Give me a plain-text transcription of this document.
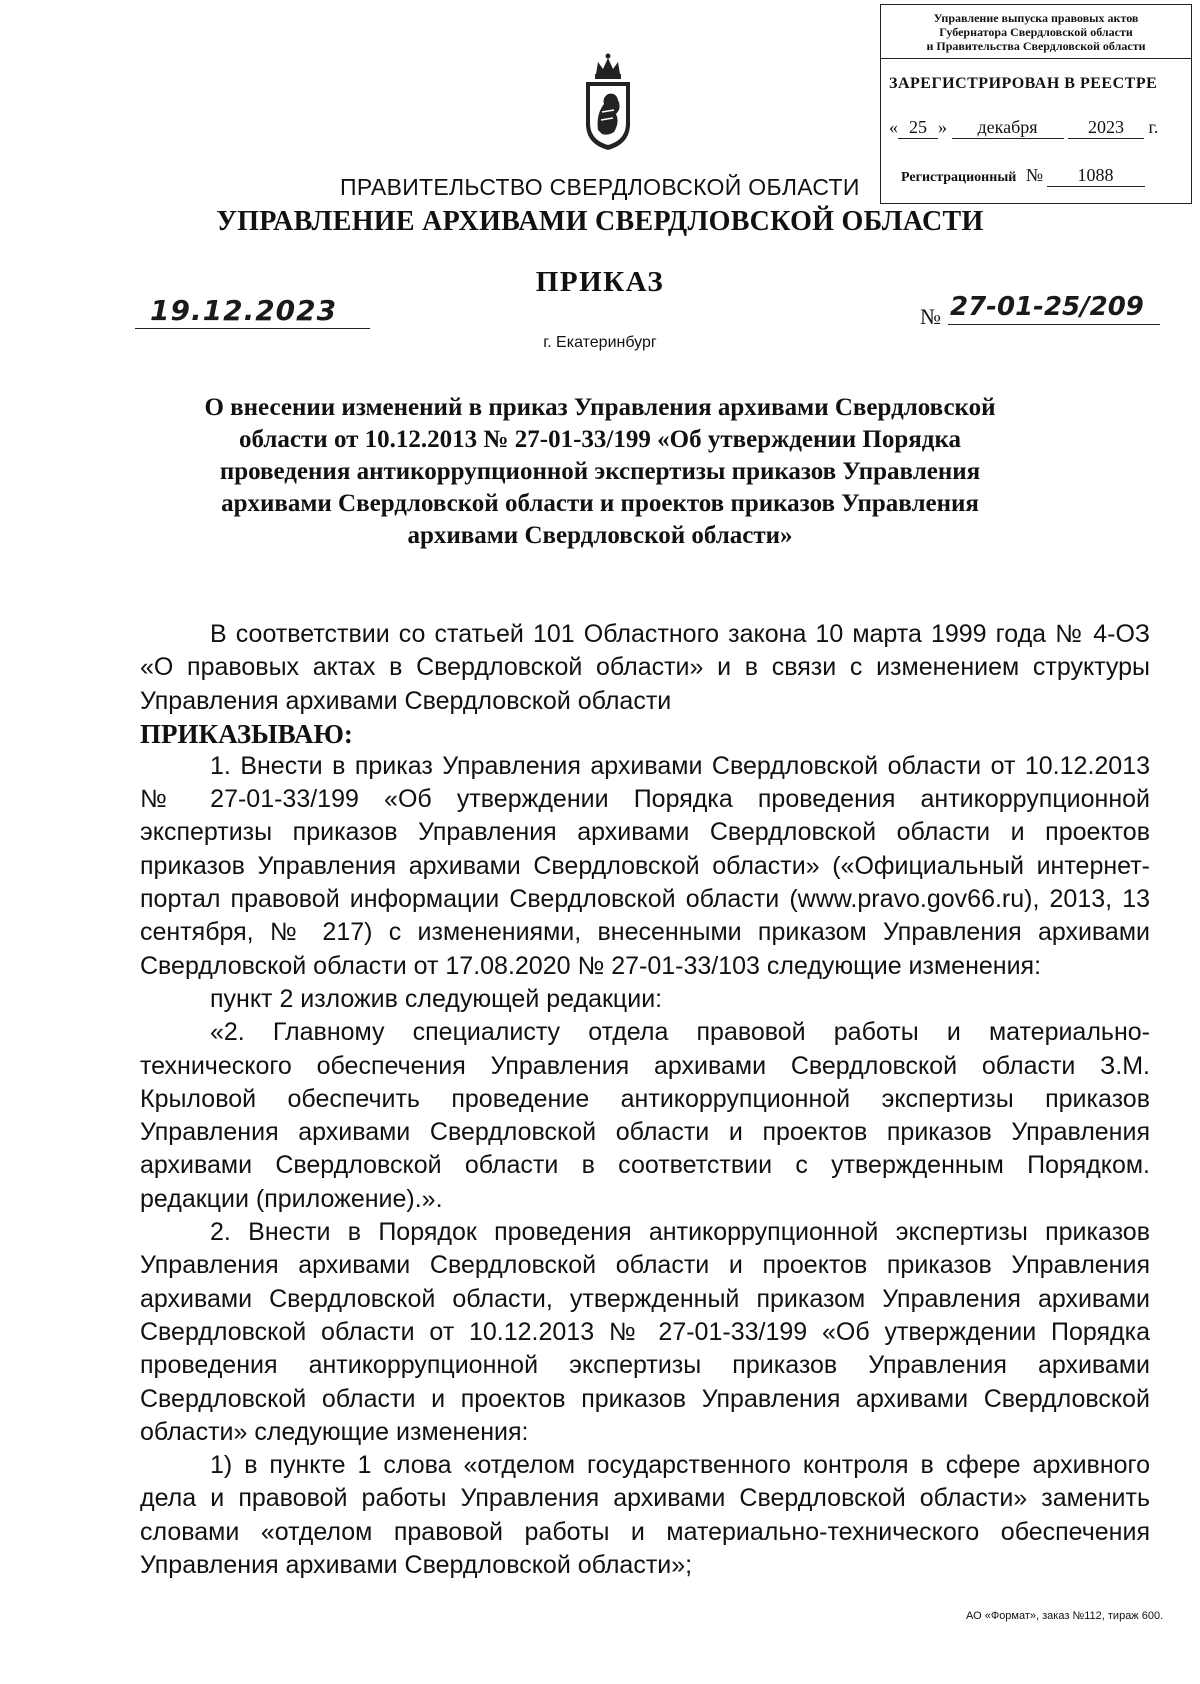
Управление выпуска правовых актов
Губернатора Свердловской области
и Правительства Свердловской области
ЗАРЕГИСТРИРОВАН В РЕЕСТРЕ
« 25 » декабря	2023 г.
Регистрационный № 1088
ПРАВИТЕЛЬСТВО СВЕРДЛОВСКОЙ ОБЛАСТИ
УПРАВЛЕНИЕ АРХИВАМИ СВЕРДЛОВСКОЙ ОБЛАСТИ
ПРИКАЗ
19.12.2023	№ 27-01-25/209
г. Екатеринбург
О внесении изменений в приказ Управления архивами Свердловской области от 10.12.2013 № 27-01-33/199 «Об утверждении Порядка проведения антикоррупционной экспертизы приказов Управления архивами Свердловской области и проектов приказов Управления архивами Свердловской области»

В соответствии со статьей 101 Областного закона 10 марта 1999 года № 4-ОЗ «О правовых актах в Свердловской области» и в связи с изменением структуры Управления архивами Свердловской области

ПРИКАЗЫВАЮ:

1. Внести в приказ Управления архивами Свердловской области от 10.12.2013 № 27-01-33/199 «Об утверждении Порядка проведения антикоррупционной экспертизы приказов Управления архивами Свердловской области и проектов приказов Управления архивами Свердловской области» («Официальный интернет-портал правовой информации Свердловской области (www.pravo.gov66.ru), 2013, 13 сентября, № 217) с изменениями, внесенными приказом Управления архивами Свердловской области от 17.08.2020 № 27-01-33/103 следующие изменения:

пункт 2 изложив следующей редакции:

«2. Главному специалисту отдела правовой работы и материально-технического обеспечения Управления архивами Свердловской области З.М. Крыловой обеспечить проведение антикоррупционной экспертизы приказов Управления архивами Свердловской области и проектов приказов Управления архивами Свердловской области в соответствии с утвержденным Порядком. редакции (приложение).».

2. Внести в Порядок проведения антикоррупционной экспертизы приказов Управления архивами Свердловской области и проектов приказов Управления архивами Свердловской области, утвержденный приказом Управления архивами Свердловской области от 10.12.2013 № 27-01-33/199 «Об утверждении Порядка проведения антикоррупционной экспертизы приказов Управления архивами Свердловской области и проектов приказов Управления архивами Свердловской области» следующие изменения:

1) в пункте 1 слова «отделом государственного контроля в сфере архивного дела и правовой работы Управления архивами Свердловской области» заменить словами «отделом правовой работы и материально-технического обеспечения Управления архивами Свердловской области»;

АО «Формат», заказ №112, тираж 600.
